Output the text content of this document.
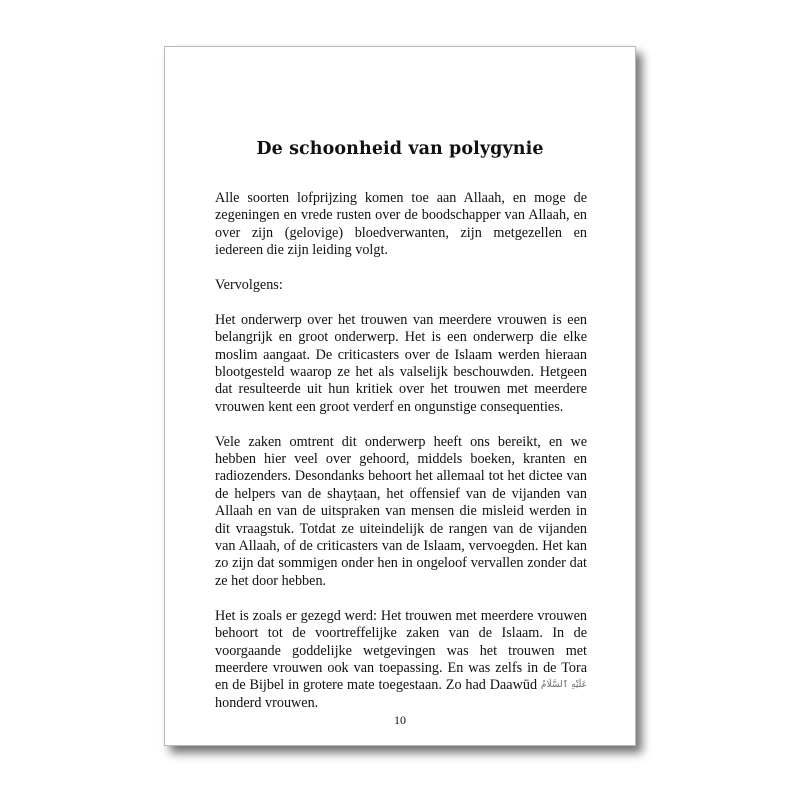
De schoonheid van polygynie

Alle soorten lofprijzing komen toe aan Allaah, en moge de zegeningen en vrede rusten over de boodschapper van Allaah, en over zijn (gelovige) bloedverwanten, zijn metgezellen en iedereen die zijn leiding volgt.

Vervolgens:

Het onderwerp over het trouwen van meerdere vrouwen is een belangrijk en groot onderwerp. Het is een onderwerp die elke moslim aangaat. De criticasters over de Islaam werden hieraan blootgesteld waarop ze het als valselijk beschouwden. Hetgeen dat resulteerde uit hun kritiek over het trouwen met meerdere vrouwen kent een groot verderf en ongunstige consequenties.

Vele zaken omtrent dit onderwerp heeft ons bereikt, en we hebben hier veel over gehoord, middels boeken, kranten en radiozenders. Desondanks behoort het allemaal tot het dictee van de helpers van de shayṭaan, het offensief van de vijanden van Allaah en van de uitspraken van mensen die misleid werden in dit vraagstuk. Totdat ze uiteindelijk de rangen van de vijanden van Allaah, of de criticasters van de Islaam, vervoegden. Het kan zo zijn dat sommigen onder hen in ongeloof vervallen zonder dat ze het door hebben.

Het is zoals er gezegd werd: Het trouwen met meerdere vrouwen behoort tot de voortreffelijke zaken van de Islaam. In de voorgaande goddelijke wetgevingen was het trouwen met meerdere vrouwen ook van toepassing. En was zelfs in de Tora en de Bijbel in grotere mate toegestaan. Zo had Daawūd عَلَيْهِ ٱلسَّلَامُ honderd vrouwen.

10
